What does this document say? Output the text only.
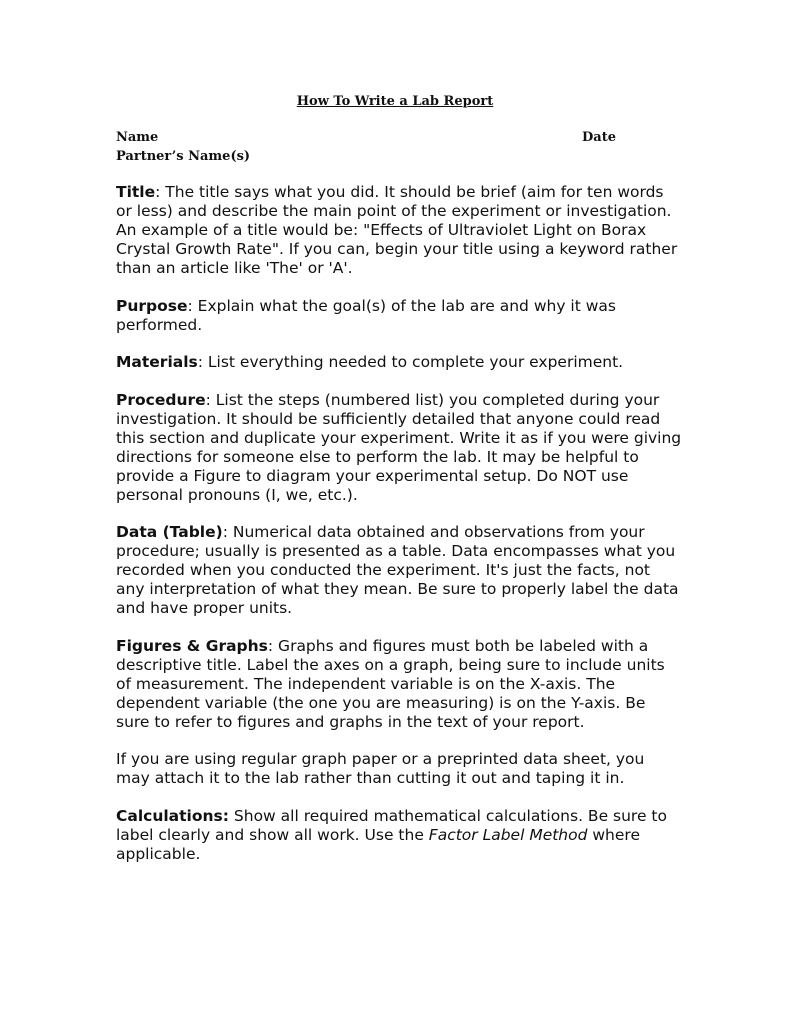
How To Write a Lab Report
Name	Date
Partner’s Name(s)

Title: The title says what you did. It should be brief (aim for ten words or less) and describe the main point of the experiment or investigation. An example of a title would be: "Effects of Ultraviolet Light on Borax Crystal Growth Rate". If you can, begin your title using a keyword rather than an article like 'The' or 'A'.

Purpose: Explain what the goal(s) of the lab are and why it was performed.

Materials: List everything needed to complete your experiment.

Procedure: List the steps (numbered list) you completed during your investigation. It should be sufficiently detailed that anyone could read this section and duplicate your experiment. Write it as if you were giving directions for someone else to perform the lab. It may be helpful to provide a Figure to diagram your experimental setup. Do NOT use personal pronouns (I, we, etc.).

Data (Table): Numerical data obtained and observations from your procedure; usually is presented as a table. Data encompasses what you recorded when you conducted the experiment. It's just the facts, not any interpretation of what they mean. Be sure to properly label the data and have proper units.

Figures & Graphs: Graphs and figures must both be labeled with a descriptive title. Label the axes on a graph, being sure to include units of measurement. The independent variable is on the X-axis. The dependent variable (the one you are measuring) is on the Y-axis. Be sure to refer to figures and graphs in the text of your report.

If you are using regular graph paper or a preprinted data sheet, you may attach it to the lab rather than cutting it out and taping it in.

Calculations: Show all required mathematical calculations. Be sure to label clearly and show all work. Use the Factor Label Method where applicable.
